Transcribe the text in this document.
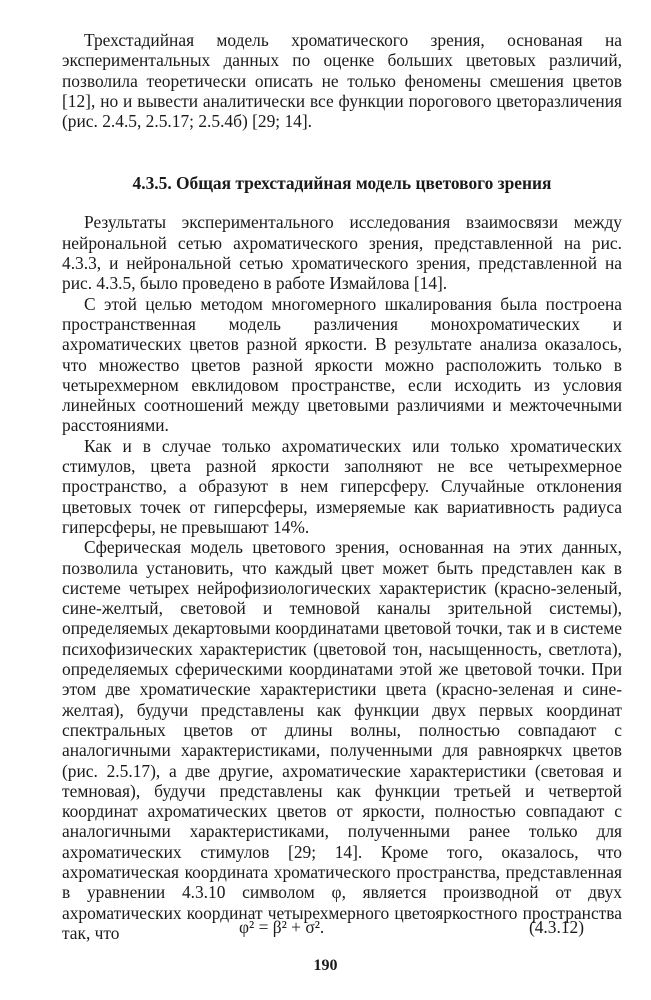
Трехстадийная модель хроматического зрения, основаная на экспериментальных данных по оценке больших цветовых различий, позволила теоретически описать не только феномены смешения цветов [12], но и вывести аналитически все функции порогового цветоразличения (рис. 2.4.5, 2.5.17; 2.5.4б) [29; 14].

4.3.5. Общая трехстадийная модель цветового зрения

Результаты экспериментального исследования взаимосвязи между нейрональной сетью ахроматического зрения, представленной на рис. 4.3.3, и нейрональной сетью хроматического зрения, представленной на рис. 4.3.5, было проведено в работе Измайлова [14].

С этой целью методом многомерного шкалирования была построена пространственная модель различения монохроматических и ахроматических цветов разной яркости. В результате анализа оказалось, что множество цветов разной яркости можно расположить только в четырехмерном евклидовом пространстве, если исходить из условия линейных соотношений между цветовыми различиями и межточечными расстояниями.

Как и в случае только ахроматических или только хроматических стимулов, цвета разной яркости заполняют не все четырехмерное пространство, а образуют в нем гиперсферу. Случайные отклонения цветовых точек от гиперсферы, измеряемые как вариативность радиуса гиперсферы, не превышают 14%.

Сферическая модель цветового зрения, основанная на этих данных, позволила установить, что каждый цвет может быть представлен как в системе четырех нейрофизиологических характеристик (красно-зеленый, сине-желтый, световой и темновой каналы зрительной системы), определяемых декартовыми координатами цветовой точки, так и в системе психофизических характеристик (цветовой тон, насыщенность, светлота), определяемых сферическими координатами этой же цветовой точки. При этом две хроматические характеристики цвета (красно-зеленая и сине-желтая), будучи представлены как функции двух первых координат спектральных цветов от длины волны, полностью совпадают с аналогичными характеристиками, полученными для равнояркчх цветов (рис. 2.5.17), а две другие, ахроматические характеристики (световая и темновая), будучи представлены как функции третьей и четвертой координат ахроматических цветов от яркости, полностью совпадают с аналогичными характеристиками, полученными ранее только для ахроматических стимулов [29; 14]. Кроме того, оказалось, что ахроматическая координата хроматического пространства, представленная в уравнении 4.3.10 символом φ, является производной от двух ахроматических координат четырехмерного цветояркостного пространства так, что	φ² = β² + σ².	(4.3.12)
190
